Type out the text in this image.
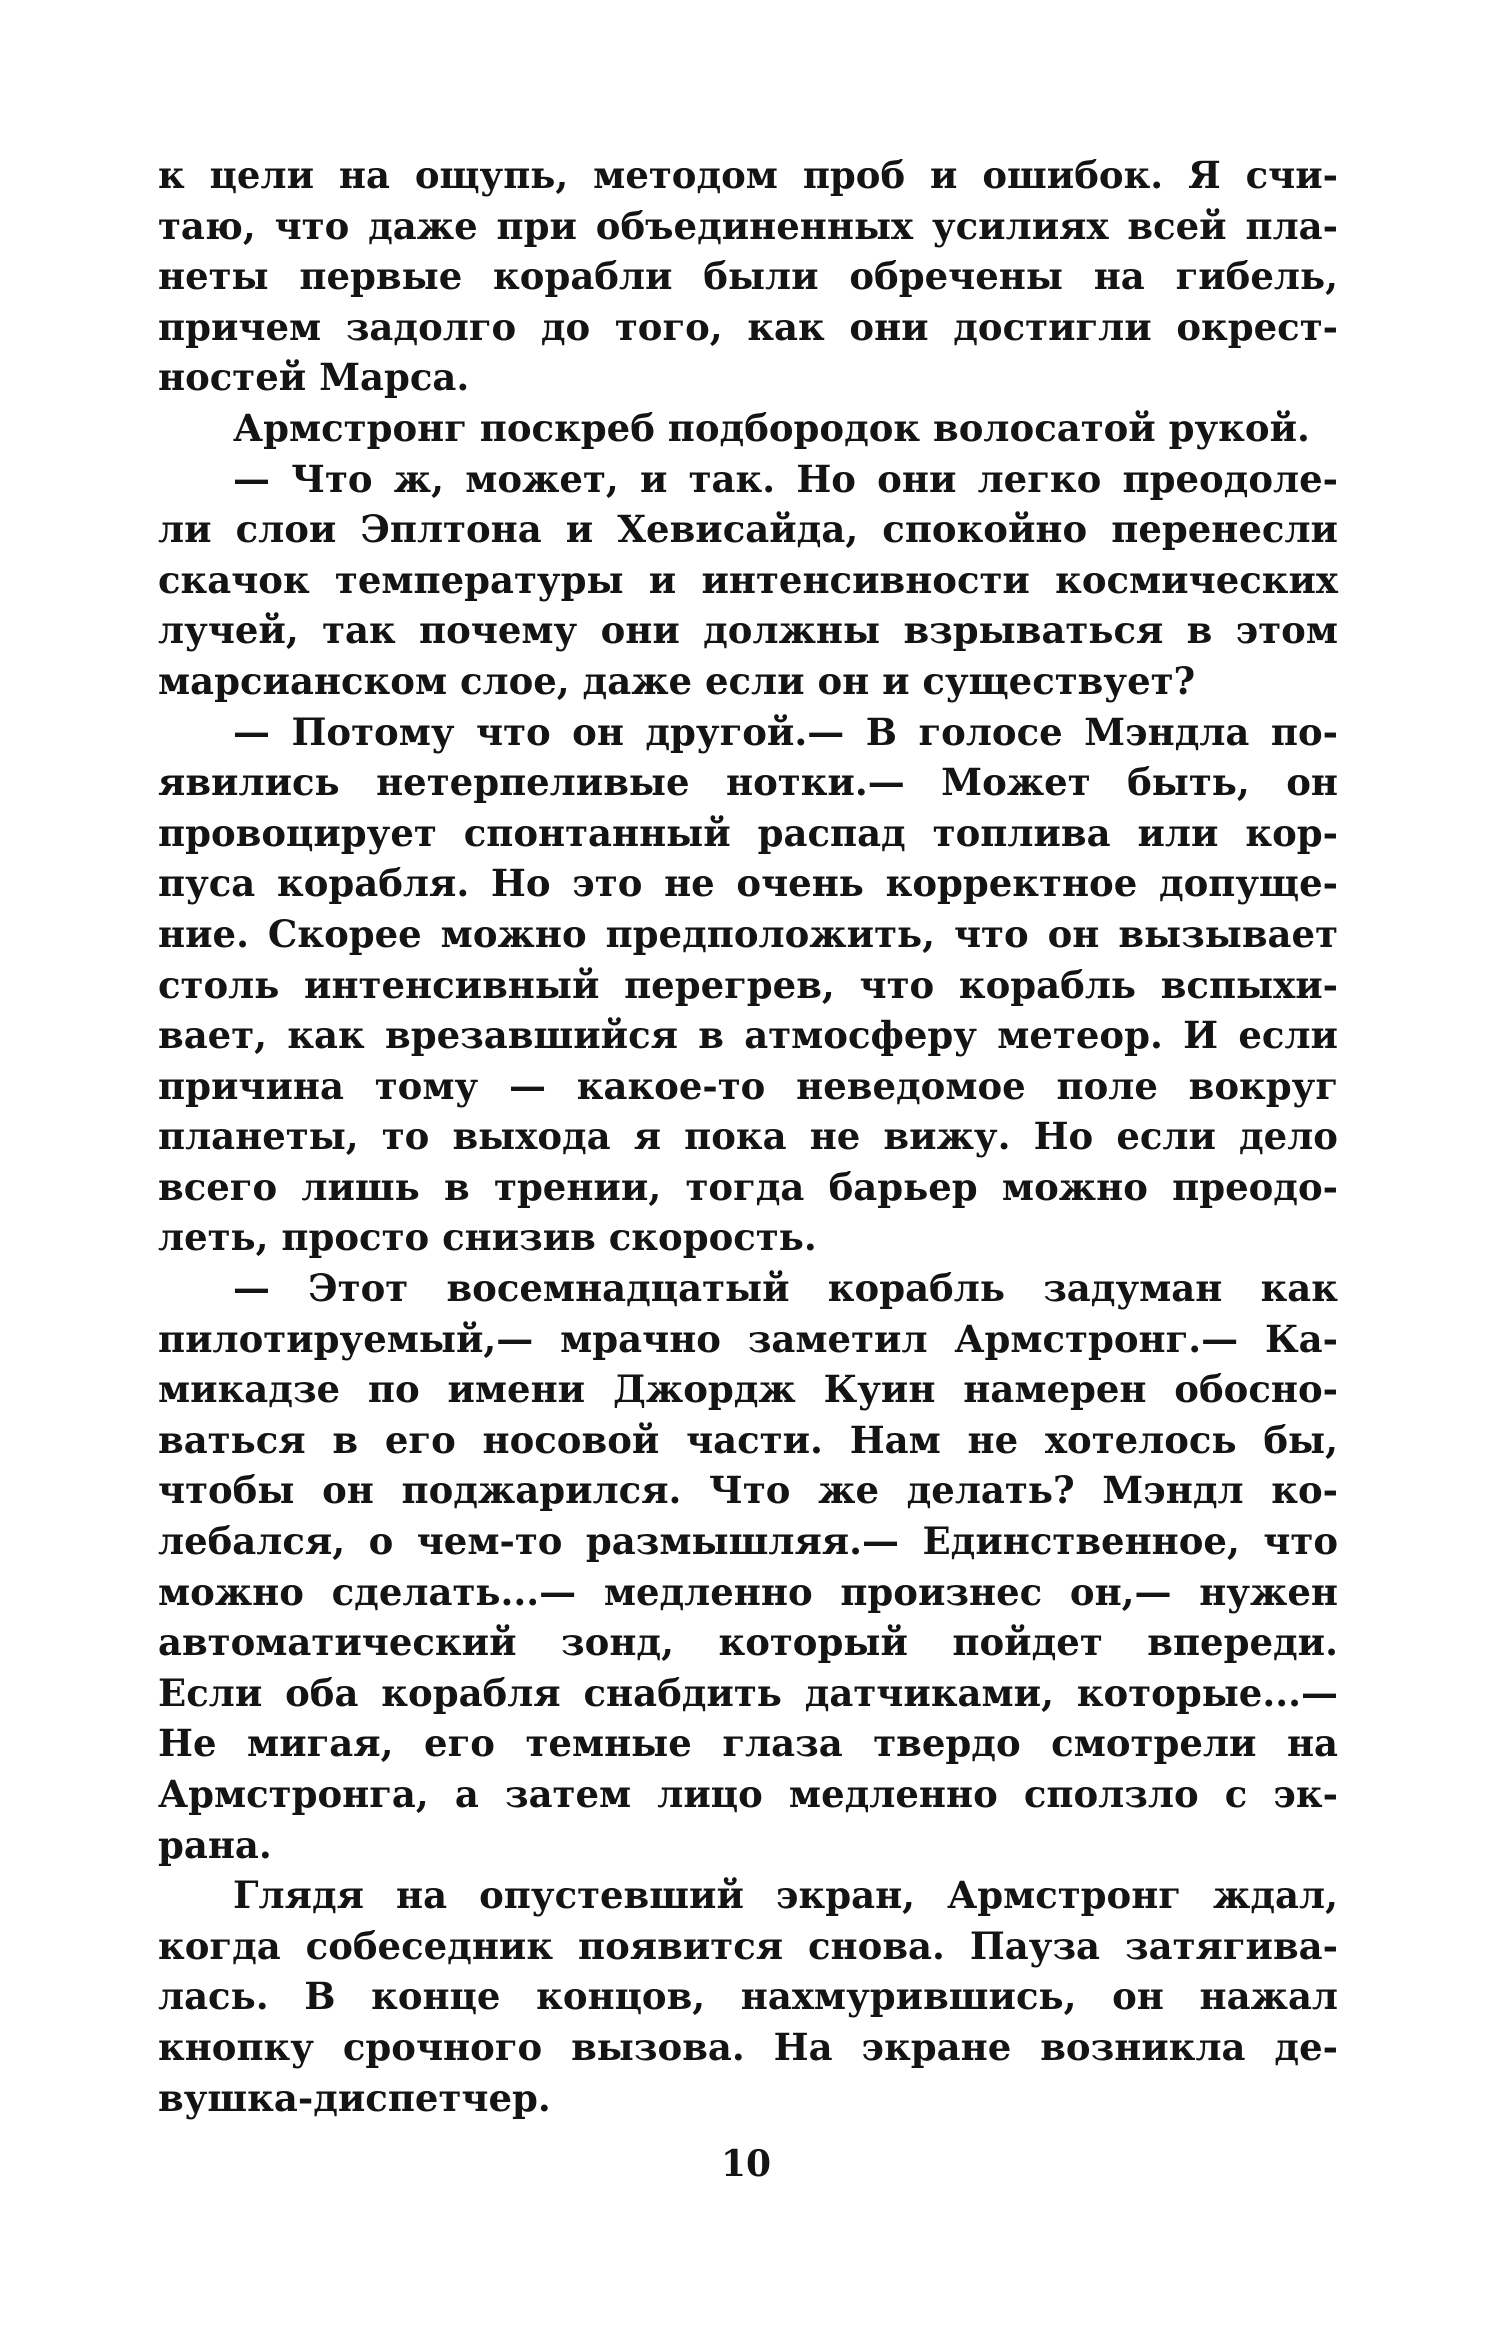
к цели на ощупь, методом проб и ошибок. Я счи-
таю, что даже при объединенных усилиях всей пла-
неты первые корабли были обречены на гибель,
причем задолго до того, как они достигли окрест-
ностей Марса.
Армстронг поскреб подбородок волосатой рукой.
— Что ж, может, и так. Но они легко преодоле-
ли слои Эплтона и Хевисайда, спокойно перенесли
скачок температуры и интенсивности космических
лучей, так почему они должны взрываться в этом
марсианском слое, даже если он и существует?
— Потому что он другой.— В голосе Мэндла по-
явились нетерпеливые нотки.— Может быть, он
провоцирует спонтанный распад топлива или кор-
пуса корабля. Но это не очень корректное допуще-
ние. Скорее можно предположить, что он вызывает
столь интенсивный перегрев, что корабль вспыхи-
вает, как врезавшийся в атмосферу метеор. И если
причина тому — какое-то неведомое поле вокруг
планеты, то выхода я пока не вижу. Но если дело
всего лишь в трении, тогда барьер можно преодо-
леть, просто снизив скорость.
— Этот восемнадцатый корабль задуман как
пилотируемый,— мрачно заметил Армстронг.— Ка-
микадзе по имени Джордж Куин намерен обосно-
ваться в его носовой части. Нам не хотелось бы,
чтобы он поджарился. Что же делать? Мэндл ко-
лебался, о чем-то размышляя.— Единственное, что
можно сделать...— медленно произнес он,— нужен
автоматический зонд, который пойдет впереди.
Если оба корабля снабдить датчиками, которые...—
Не мигая, его темные глаза твердо смотрели на
Армстронга, а затем лицо медленно сползло с эк-
рана.
Глядя на опустевший экран, Армстронг ждал,
когда собеседник появится снова. Пауза затягива-
лась. В конце концов, нахмурившись, он нажал
кнопку срочного вызова. На экране возникла де-
вушка-диспетчер.
10
